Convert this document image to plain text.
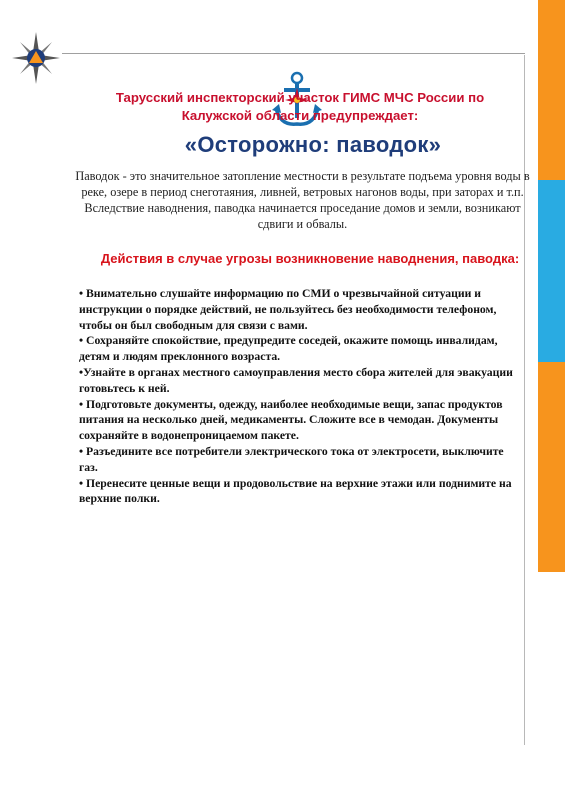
Тарусский инспекторский участок ГИМС МЧС России по Калужской области предупреждает:
«Осторожно: паводок»
Паводок - это значительное затопление местности в результате подъема уровня воды в реке, озере в период снеготаяния, ливней, ветровых нагонов воды, при заторах и т.п. Вследствие наводнения, паводка начинается проседание домов и земли, возникают сдвиги и обвалы.
Действия в случае угрозы возникновение наводнения, паводка:
• Внимательно слушайте информацию по СМИ о чрезвычайной ситуации и инструкции о порядке действий, не пользуйтесь без необходимости телефоном, чтобы он был свободным для связи с вами.
• Сохраняйте спокойствие, предупредите соседей, окажите помощь инвалидам, детям и людям преклонного возраста.
•Узнайте в органах местного самоуправления место сбора жителей для эвакуации готовьтесь к ней.
• Подготовьте документы, одежду, наиболее необходимые вещи, запас продуктов питания на несколько дней, медикаменты. Сложите все в чемодан. Документы сохраняйте в водонепроницаемом пакете.
• Разъедините все потребители электрического тока от электросети, выключите газ.
• Перенесите ценные вещи и продовольствие на верхние этажи или поднимите на верхние полки.
